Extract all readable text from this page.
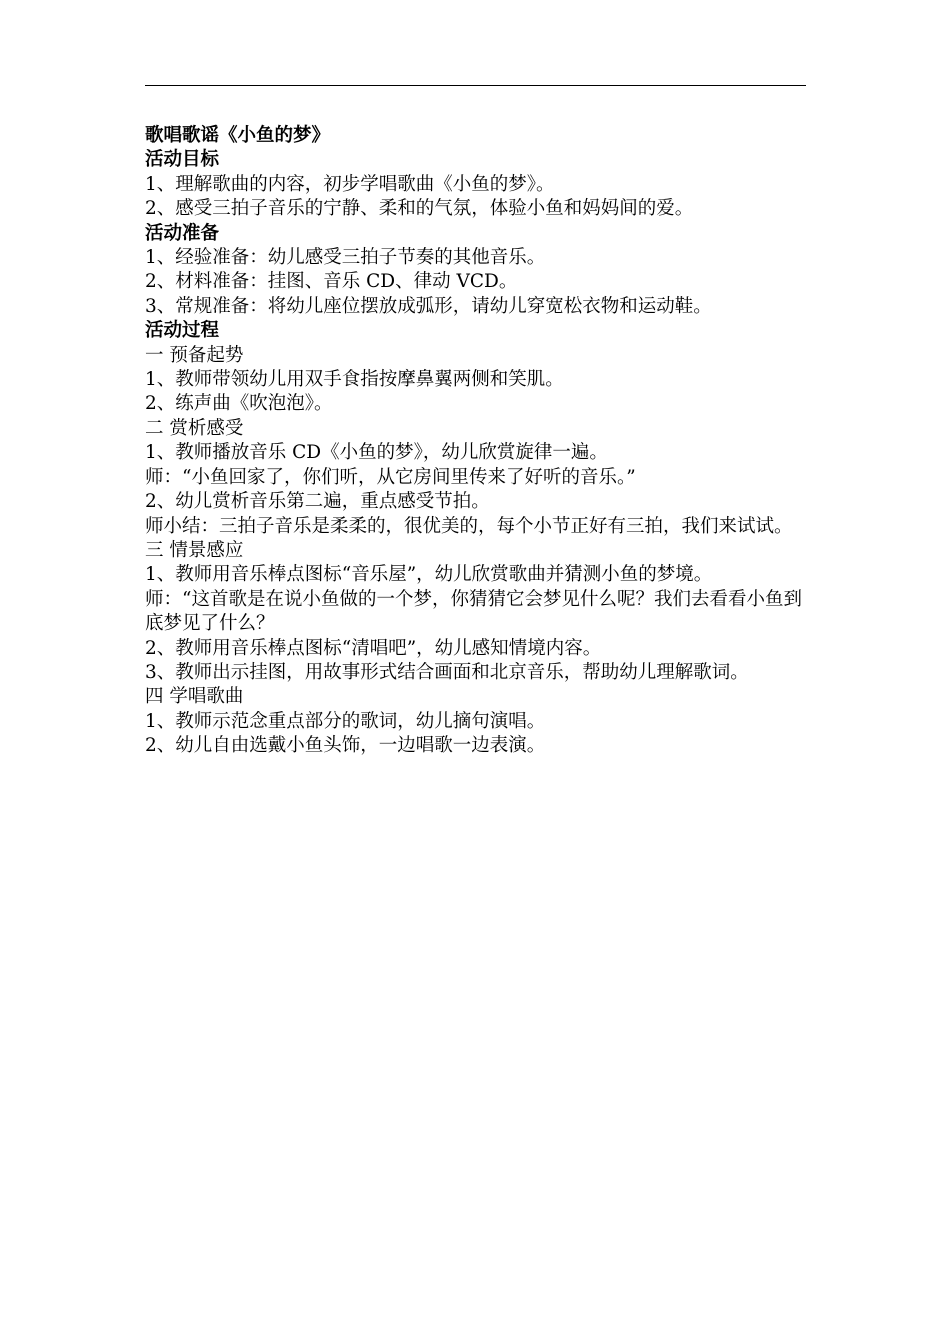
歌唱歌谣《小鱼的梦》
活动目标
1、理解歌曲的内容，初步学唱歌曲《小鱼的梦》。
2、感受三拍子音乐的宁静、柔和的气氛，体验小鱼和妈妈间的爱。
活动准备
1、经验准备：幼儿感受三拍子节奏的其他音乐。
2、材料准备：挂图、音乐 CD、律动 VCD。
3、常规准备：将幼儿座位摆放成弧形，请幼儿穿宽松衣物和运动鞋。
活动过程
一 预备起势
1、教师带领幼儿用双手食指按摩鼻翼两侧和笑肌。
2、练声曲《吹泡泡》。
二 赏析感受
1、教师播放音乐 CD《小鱼的梦》，幼儿欣赏旋律一遍。
师：“小鱼回家了，你们听，从它房间里传来了好听的音乐。”
2、幼儿赏析音乐第二遍，重点感受节拍。
师小结：三拍子音乐是柔柔的，很优美的，每个小节正好有三拍，我们来试试。
三 情景感应
1、教师用音乐棒点图标“音乐屋”，幼儿欣赏歌曲并猜测小鱼的梦境。
师：“这首歌是在说小鱼做的一个梦，你猜猜它会梦见什么呢？我们去看看小鱼到底梦见了什么？
2、教师用音乐棒点图标“清唱吧”，幼儿感知情境内容。
3、教师出示挂图，用故事形式结合画面和北京音乐，帮助幼儿理解歌词。
四 学唱歌曲
1、教师示范念重点部分的歌词，幼儿摘句演唱。
2、幼儿自由选戴小鱼头饰，一边唱歌一边表演。
